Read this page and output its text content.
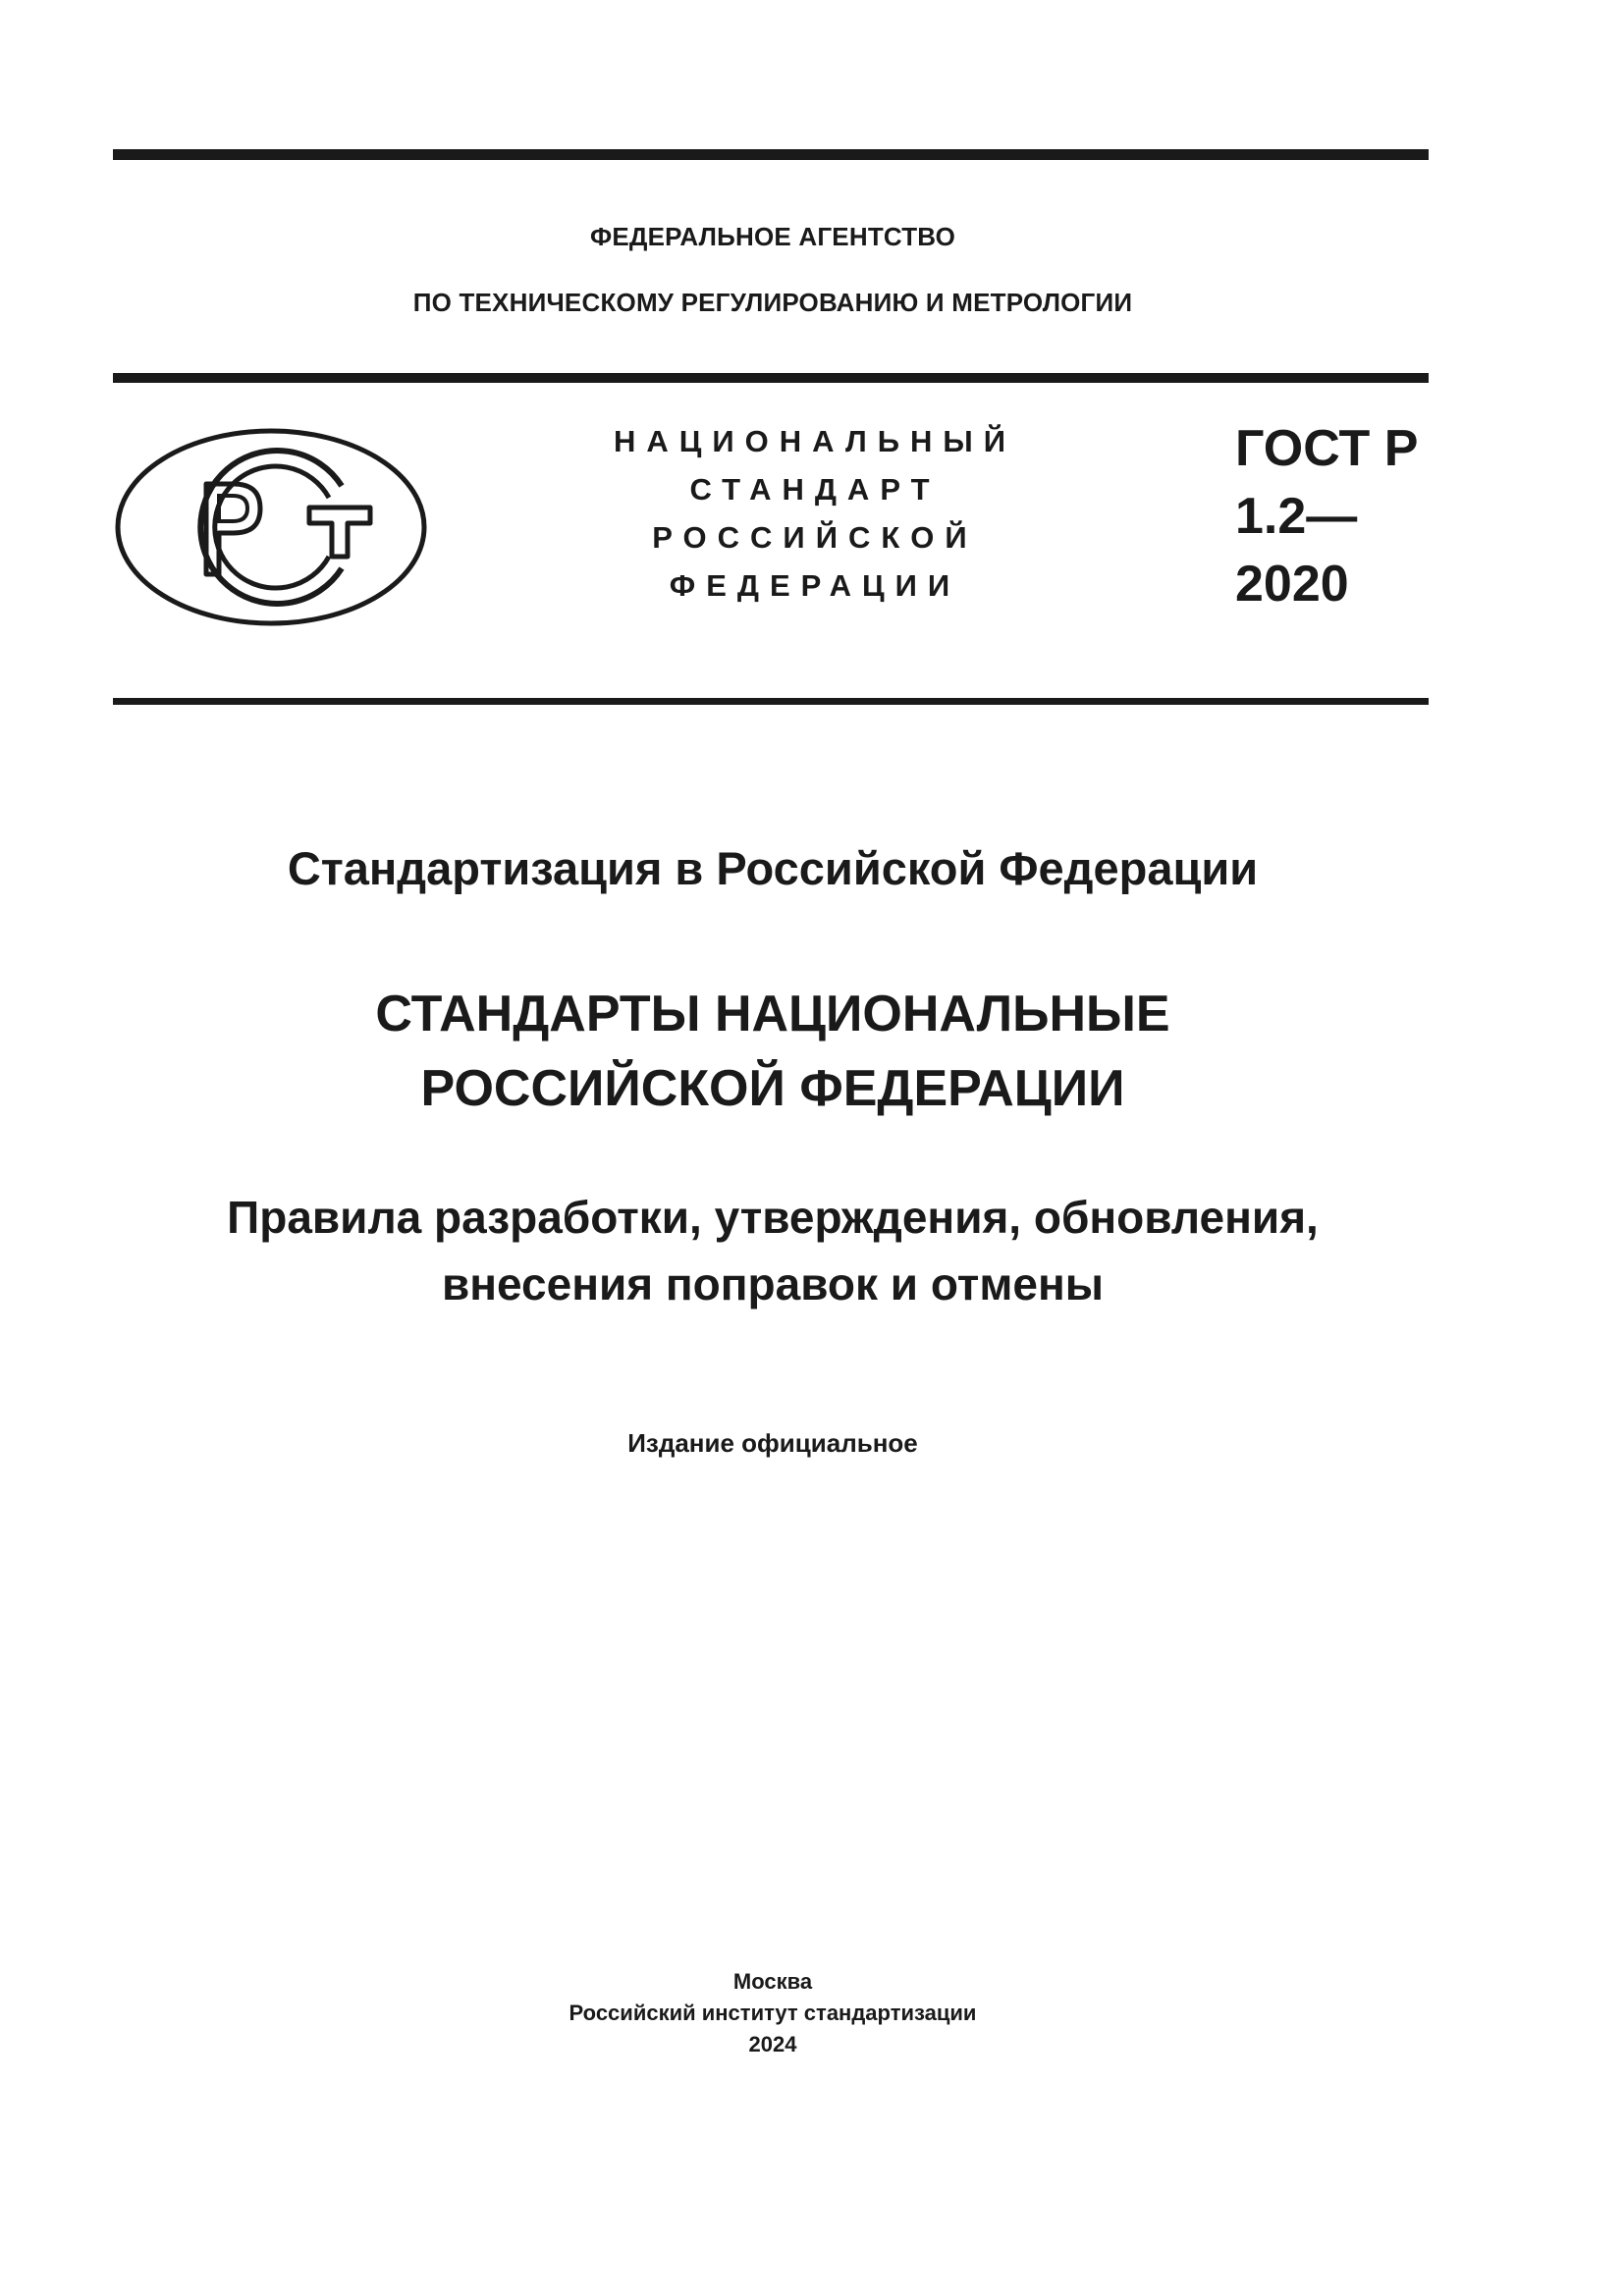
ФЕДЕРАЛЬНОЕ АГЕНТСТВО
ПО ТЕХНИЧЕСКОМУ РЕГУЛИРОВАНИЮ И МЕТРОЛОГИИ
НАЦИОНАЛЬНЫЙ
СТАНДАРТ
РОССИЙСКОЙ
ФЕДЕРАЦИИ
ГОСТ Р
1.2—
2020
Стандартизация в Российской Федерации
СТАНДАРТЫ НАЦИОНАЛЬНЫЕ
РОССИЙСКОЙ ФЕДЕРАЦИИ
Правила разработки, утверждения, обновления,
внесения поправок и отмены
Издание официальное
Москва
Российский институт стандартизации
2024
